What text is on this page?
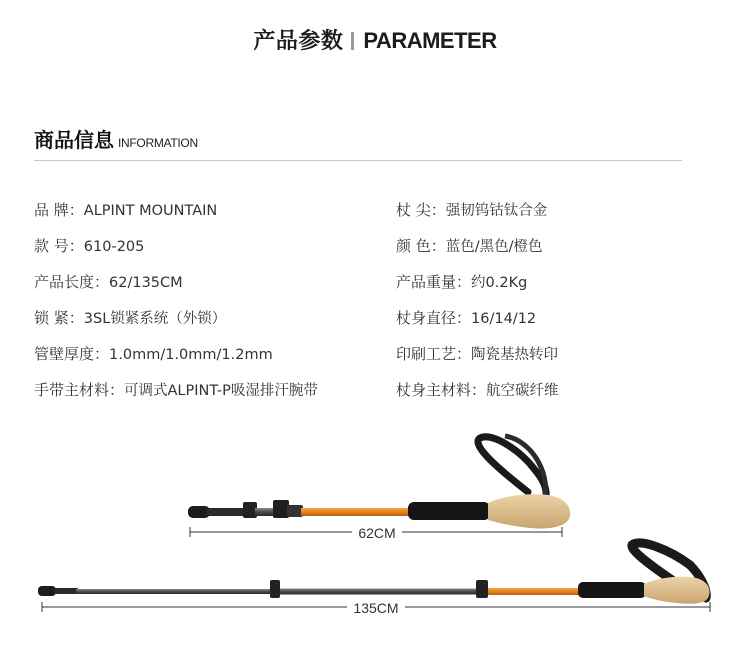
产品参数 PARAMETER
商品信息 INFORMATION
品 牌：ALPINT MOUNTAIN	杖 尖：强韧钨钴钛合金
款 号：610-205	颜 色：蓝色/黑色/橙色
产品长度：62/135CM	产品重量：约0.2Kg
锁 紧：3SL锁紧系统（外锁）	杖身直径：16/14/12
管壁厚度：1.0mm/1.0mm/1.2mm	印刷工艺：陶瓷基热转印
手带主材料：可调式ALPINT-P吸湿排汗腕带	杖身主材料：航空碳纤维
62CM
135CM
